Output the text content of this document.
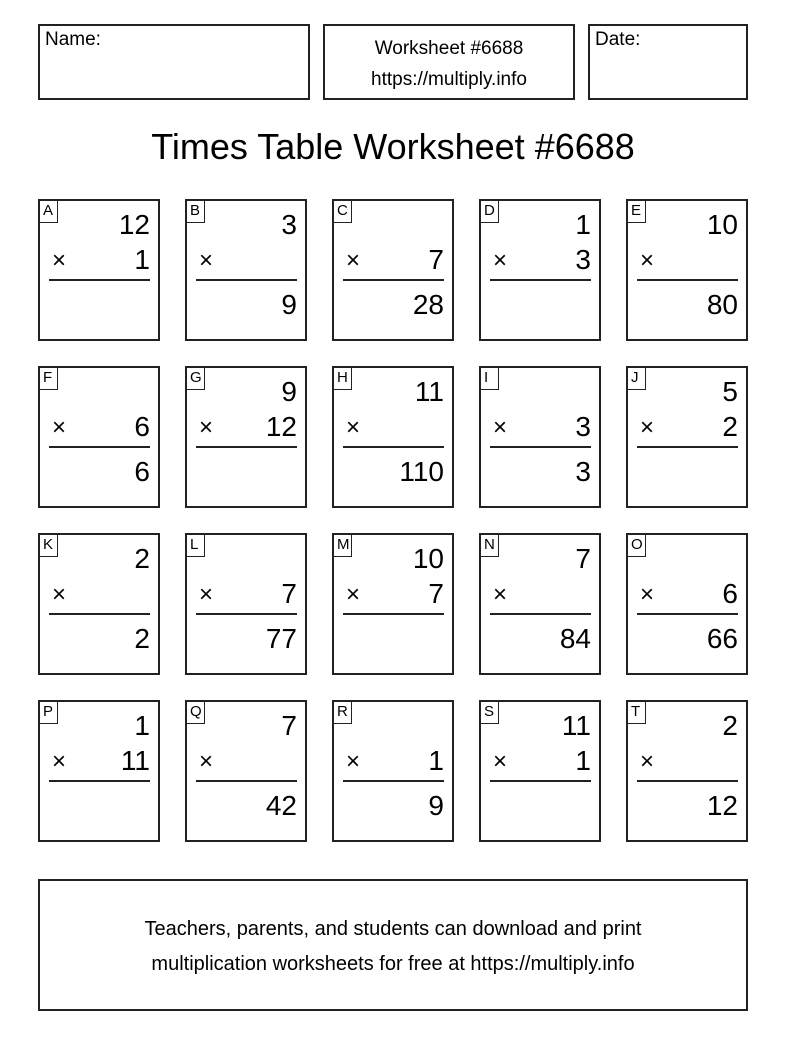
Name:	Worksheet #6688
https://multiply.info
Date:
Times Table Worksheet #6688
A 12
× 1
B	3
×
9
C
× 7
28
D	1
× 3
E 10
×
80
F
× 6
6
G	9
× 12
H 11
×
110
I
× 3
3
J	5
× 2
K	2
×
2
L
× 7
77
M 10
× 7
N	7
×
84
O
× 6
66
P	1
× 11
Q	7
×
42
R
× 1
9
S 11
× 1
T	2
×
12
Teachers, parents, and students can download and print
multiplication worksheets for free at https://multiply.info
